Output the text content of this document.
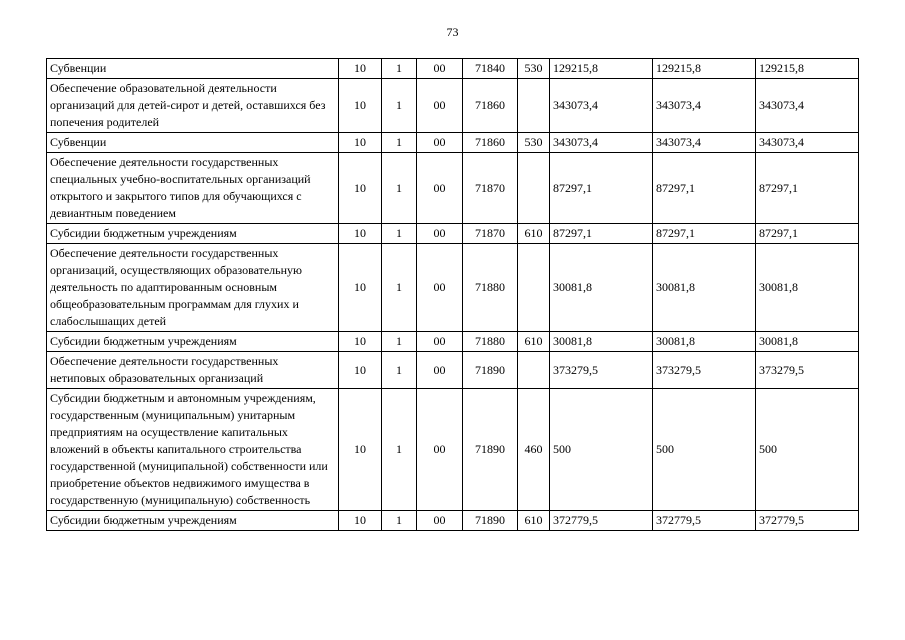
73
Субвенции	10	1	00	71840	530	129215,8	129215,8	129215,8
Обеспечение образовательной деятельности организаций для детей-сирот и детей, оставшихся без попечения родителей	10	1	00	71860		343073,4	343073,4	343073,4
Субвенции	10	1	00	71860	530	343073,4	343073,4	343073,4
Обеспечение деятельности государственных специальных учебно-воспитательных организаций открытого и закрытого типов для обучающихся с девиантным поведением	10	1	00	71870		87297,1	87297,1	87297,1
Субсидии бюджетным учреждениям	10	1	00	71870	610	87297,1	87297,1	87297,1
Обеспечение деятельности государственных организаций, осуществляющих образовательную деятельность по адаптированным основным общеобразовательным программам для глухих и слабослышащих детей	10	1	00	71880		30081,8	30081,8	30081,8
Субсидии бюджетным учреждениям	10	1	00	71880	610	30081,8	30081,8	30081,8
Обеспечение деятельности государственных нетиповых образовательных организаций	10	1	00	71890		373279,5	373279,5	373279,5
Субсидии бюджетным и автономным учреждениям, государственным (муниципальным) унитарным предприятиям на осуществление капитальных вложений в объекты капитального строительства государственной (муниципальной) собственности или приобретение объектов недвижимого имущества в государственную (муниципальную) собственность	10	1	00	71890	460	500	500	500
Субсидии бюджетным учреждениям	10	1	00	71890	610	372779,5	372779,5	372779,5
